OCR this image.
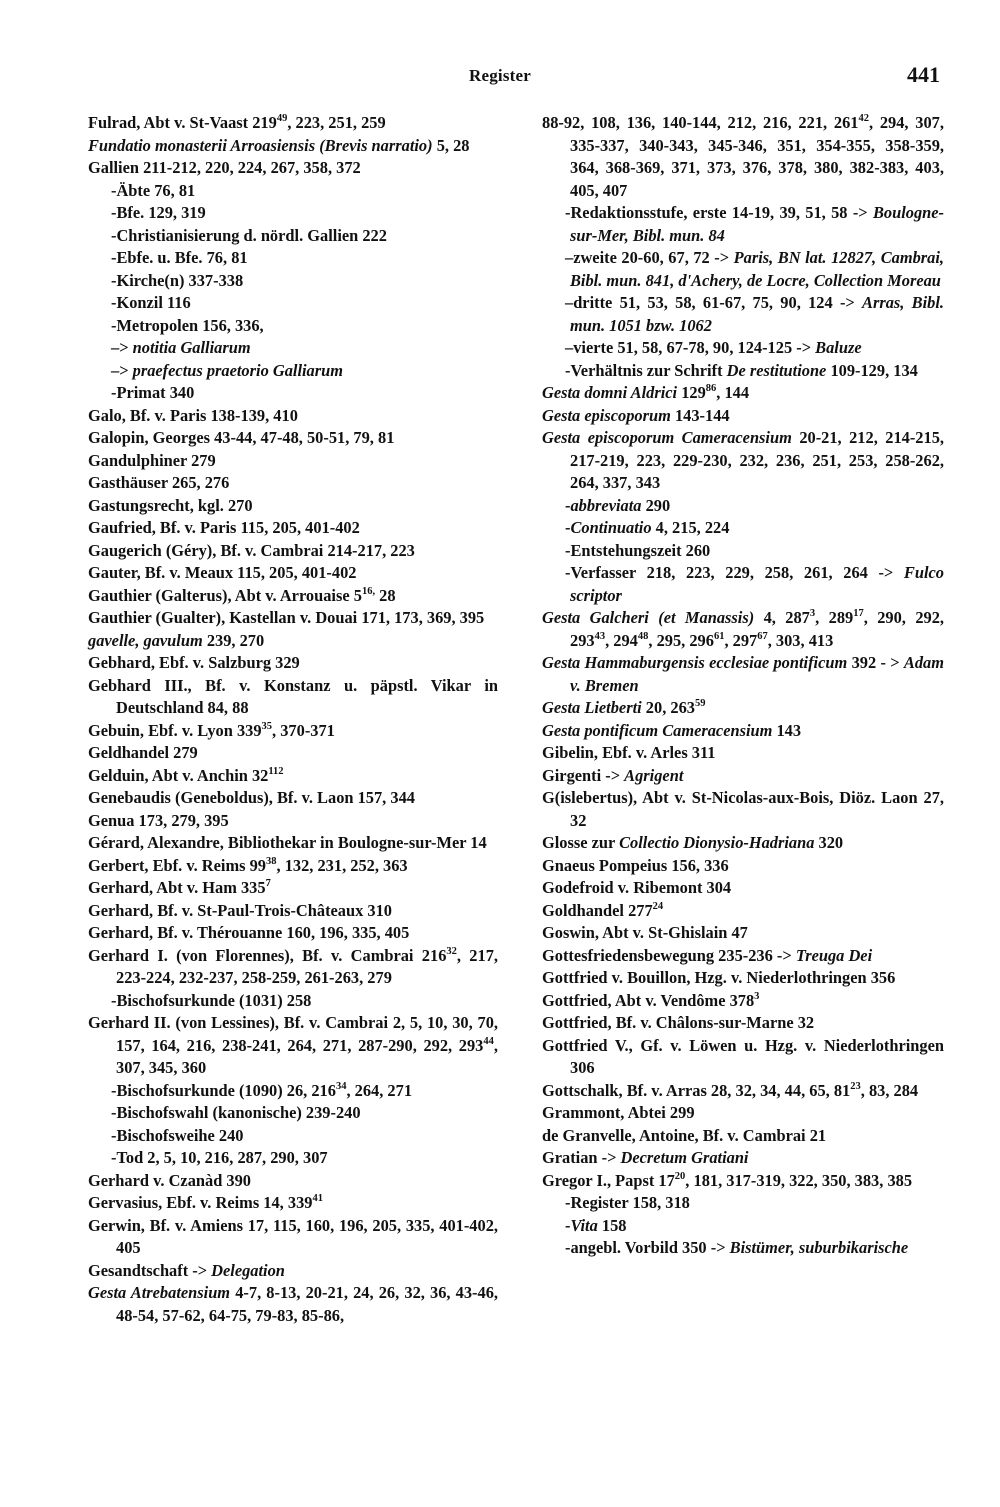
Register	441
Fulrad, Abt v. St-Vaast $219^{49}$, 223, 251, 259
Fundatio monasterii Arroasiensis (Brevis narratio) 5, 28
Gallien 211-212, 220, 224, 267, 358, 372
-Äbte 76, 81
-Bfe. 129, 319
-Christianisierung d. nördl. Gallien 222
-Ebfe. u. Bfe. 76, 81
-Kirche(n) 337-338
-Konzil 116
-Metropolen 156, 336,
–> notitia Galliarum
–> praefectus praetorio Galliarum
-Primat 340
Galo, Bf. v. Paris 138-139, 410
Galopin, Georges 43-44, 47-48, 50-51, 79, 81
Gandulphiner 279
Gasthäuser 265, 276
Gastungsrecht, kgl. 270
Gaufried, Bf. v. Paris 115, 205, 401-402
Gaugerich (Géry), Bf. v. Cambrai 214-217, 223
Gauter, Bf. v. Meaux 115, 205, 401-402
Gauthier (Galterus), Abt v. Arrouaise $5^{16,}$ 28
Gauthier (Gualter), Kastellan v. Douai 171, 173, 369, 395
gavelle, gavulum 239, 270
Gebhard, Ebf. v. Salzburg 329
Gebhard III., Bf. v. Konstanz u. päpstl. Vikar in Deutschland 84, 88
Gebuin, Ebf. v. Lyon $339^{35}$, 370-371
Geldhandel 279
Gelduin, Abt v. Anchin $32^{112}$
Genebaudis (Geneboldus), Bf. v. Laon 157, 344
Genua 173, 279, 395
Gérard, Alexandre, Bibliothekar in Boulogne-sur-Mer 14
Gerbert, Ebf. v. Reims $99^{38}$, 132, 231, 252, 363
Gerhard, Abt v. Ham $335^7$
Gerhard, Bf. v. St-Paul-Trois-Châteaux 310
Gerhard, Bf. v. Thérouanne 160, 196, 335, 405
Gerhard I. (von Florennes), Bf. v. Cambrai $216^{32}$, 217, 223-224, 232-237, 258-259, 261-263, 279
-Bischofsurkunde (1031) 258
Gerhard II. (von Lessines), Bf. v. Cambrai 2, 5, 10, 30, 70, 157, 164, 216, 238-241, 264, 271, 287-290, 292, $293^{44}$, 307, 345, 360
-Bischofsurkunde (1090) 26, $216^{34}$, 264, 271
-Bischofswahl (kanonische) 239-240
-Bischofsweihe 240
-Tod 2, 5, 10, 216, 287, 290, 307
Gerhard v. Czanàd 390
Gervasius, Ebf. v. Reims 14, $339^{41}$
Gerwin, Bf. v. Amiens 17, 115, 160, 196, 205, 335, 401-402, 405
Gesandtschaft -> Delegation
Gesta Atrebatensium 4-7, 8-13, 20-21, 24, 26, 32, 36, 43-46, 48-54, 57-62, 64-75, 79-83, 85-86,
88-92, 108, 136, 140-144, 212, 216, 221, $261^{42}$, 294, 307, 335-337, 340-343, 345-346, 351, 354-355, 358-359, 364, 368-369, 371, 373, 376, 378, 380, 382-383, 403, 405, 407
-Redaktionsstufe, erste 14-19, 39, 51, 58 -> Boulogne-sur-Mer, Bibl. mun. 84
–zweite 20-60, 67, 72 -> Paris, BN lat. 12827, Cambrai, Bibl. mun. 841, d'Achery, de Locre, Collection Moreau
–dritte 51, 53, 58, 61-67, 75, 90, 124 -> Arras, Bibl. mun. 1051 bzw. 1062
–vierte 51, 58, 67-78, 90, 124-125 -> Baluze
-Verhältnis zur Schrift De restitutione 109-129, 134
Gesta domni Aldrici $129^{86}$, 144
Gesta episcoporum 143-144
Gesta episcoporum Cameracensium 20-21, 212, 214-215, 217-219, 223, 229-230, 232, 236, 251, 253, 258-262, 264, 337, 343
-abbreviata 290
-Continuatio 4, 215, 224
-Entstehungszeit 260
-Verfasser 218, 223, 229, 258, 261, 264 -> Fulco scriptor
Gesta Galcheri (et Manassis) 4, $287^3$, $289^{17}$, 290, 292, $293^{43}$, $294^{48}$, 295, $296^{61}$, $297^{67}$, 303, 413
Gesta Hammaburgensis ecclesiae pontificum 392 - > Adam v. Bremen
Gesta Lietberti 20, $263^{59}$
Gesta pontificum Cameracensium 143
Gibelin, Ebf. v. Arles 311
Girgenti -> Agrigent
G(islebertus), Abt v. St-Nicolas-aux-Bois, Diöz. Laon 27, 32
Glosse zur Collectio Dionysio-Hadriana 320
Gnaeus Pompeius 156, 336
Godefroid v. Ribemont 304
Goldhandel $277^{24}$
Goswin, Abt v. St-Ghislain 47
Gottesfriedensbewegung 235-236 -> Treuga Dei
Gottfried v. Bouillon, Hzg. v. Niederlothringen 356
Gottfried, Abt v. Vendôme $378^3$
Gottfried, Bf. v. Châlons-sur-Marne 32
Gottfried V., Gf. v. Löwen u. Hzg. v. Niederlothringen 306
Gottschalk, Bf. v. Arras 28, 32, 34, 44, 65, $81^{23}$, 83, 284
Grammont, Abtei 299
de Granvelle, Antoine, Bf. v. Cambrai 21
Gratian -> Decretum Gratiani
Gregor I., Papst $17^{20}$, 181, 317-319, 322, 350, 383, 385
-Register 158, 318
-Vita 158
-angebl. Vorbild 350 -> Bistümer, suburbikarische
